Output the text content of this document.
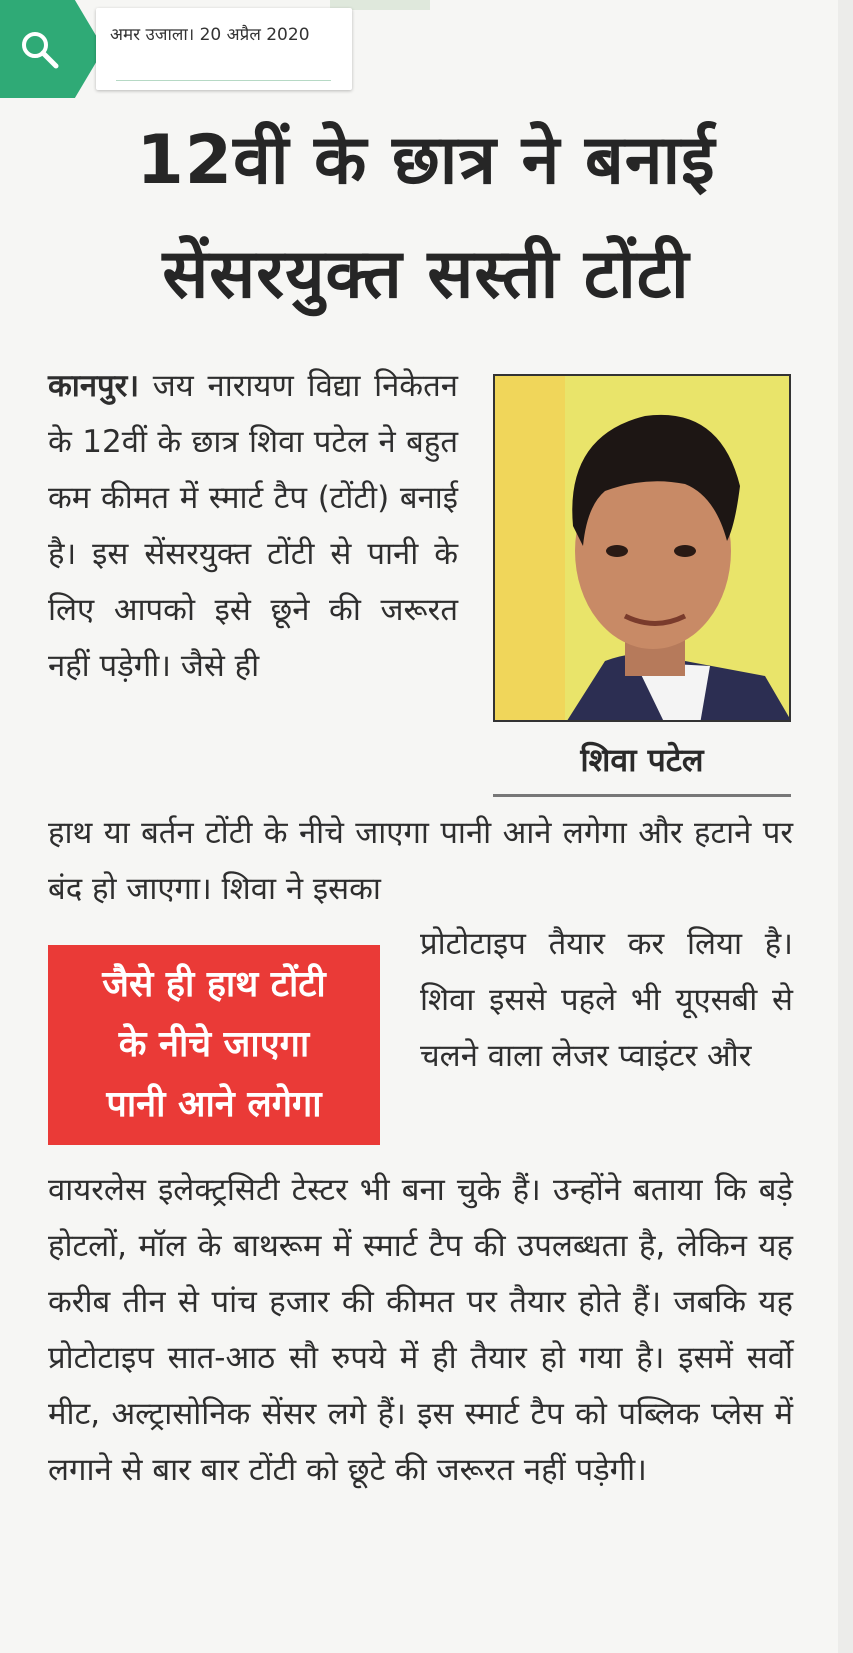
अमर उजाला। 20 अप्रैल 2020
12वीं के छात्र ने बनाई
सेंसरयुक्त सस्ती टोंटी
कानपुर। जय नारायण विद्या निकेतन के 12वीं के छात्र शिवा पटेल ने बहुत कम कीमत में स्मार्ट टैप (टोंटी) बनाई है। इस सेंसरयुक्त टोंटी से पानी के लिए आपको इसे छूने की जरूरत नहीं पड़ेगी। जैसे ही
शिवा पटेल
हाथ या बर्तन टोंटी के नीचे जाएगा पानी आने लगेगा और हटाने पर बंद हो जाएगा। शिवा ने इसका
जैसे ही हाथ टोंटी
के नीचे जाएगा
पानी आने लगेगा
प्रोटोटाइप तैयार कर लिया है। शिवा इससे पहले भी यूएसबी से चलने वाला लेजर प्वाइंटर और
वायरलेस इलेक्ट्रसिटी टेस्टर भी बना चुके हैं। उन्होंने बताया कि बड़े होटलों, मॉल के बाथरूम में स्मार्ट टैप की उपलब्धता है, लेकिन यह करीब तीन से पांच हजार की कीमत पर तैयार होते हैं। जबकि यह प्रोटोटाइप सात-आठ सौ रुपये में ही तैयार हो गया है। इसमें सर्वो मीट, अल्ट्रासोनिक सेंसर लगे हैं। इस स्मार्ट टैप को पब्लिक प्लेस में लगाने से बार बार टोंटी को छूटे की जरूरत नहीं पड़ेगी।
